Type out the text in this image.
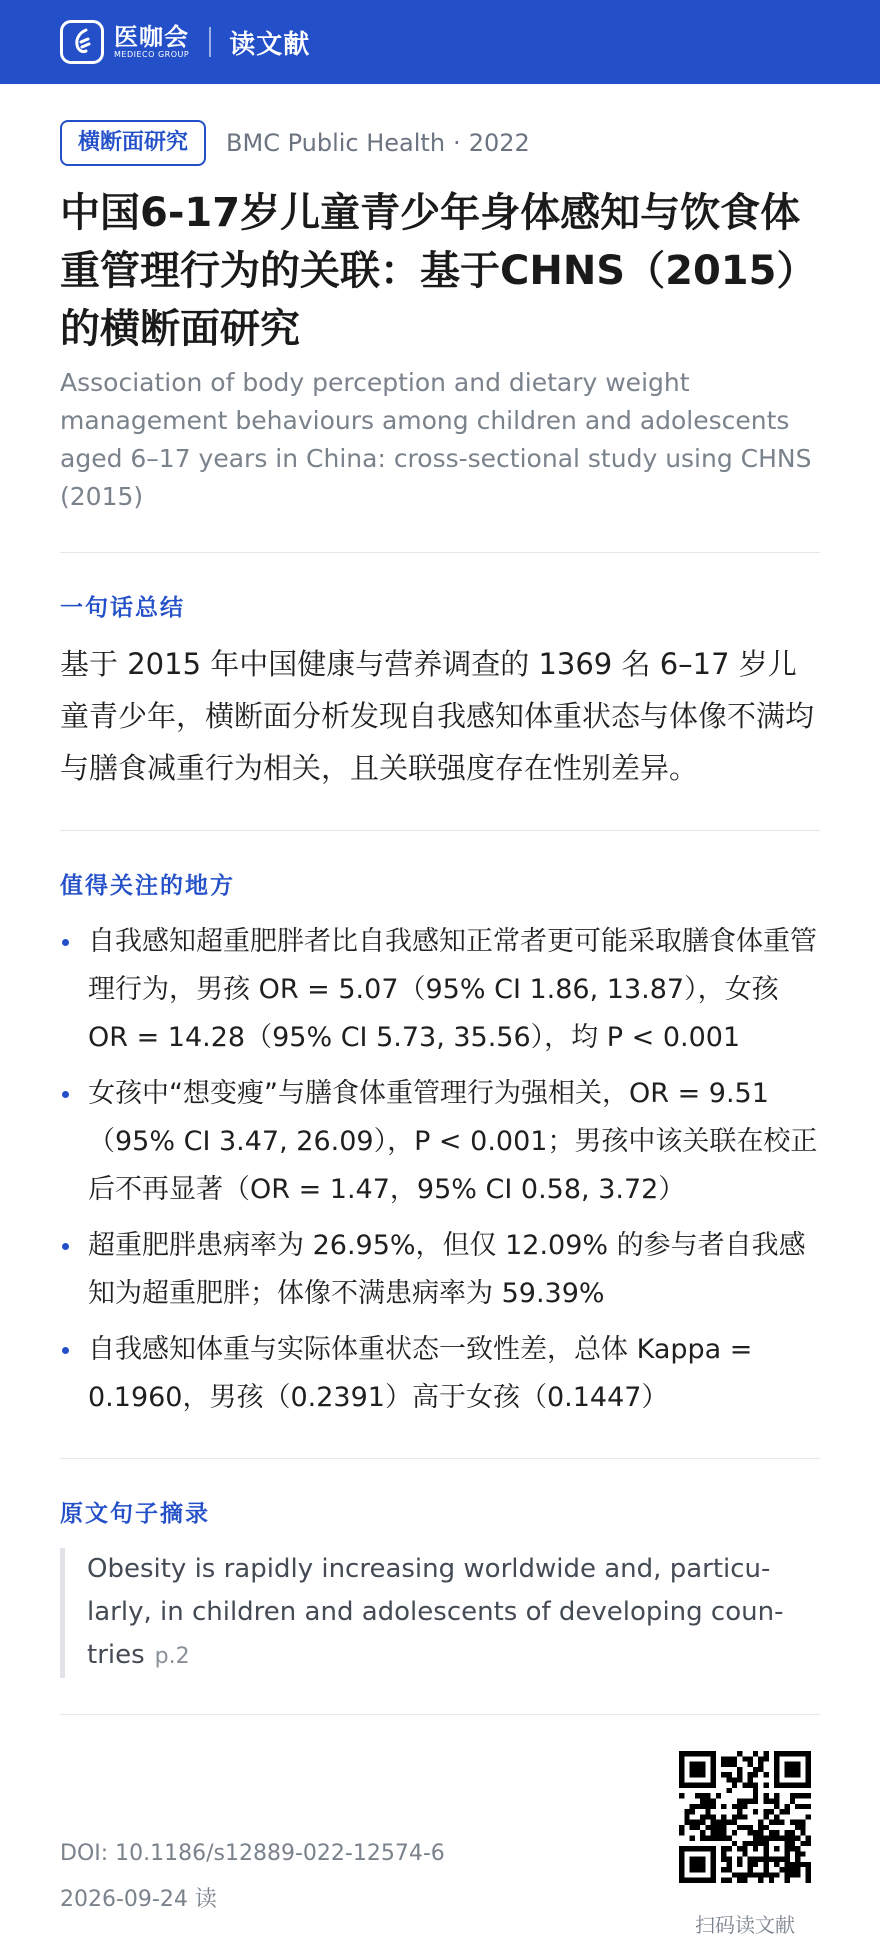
医咖会
MEDIECO GROUP 读文献
横断面研究	BMC Public Health · 2022
中国6-17岁儿童青少年身体感知与饮食体重管理行为的关联：基于CHNS（2015）的横断面研究
Association of body perception and dietary weight management behaviours among children and adolescents aged 6–17 years in China: cross-sectional study using CHNS (2015)
一句话总结
基于 2015 年中国健康与营养调查的 1369 名 6–17 岁儿童青少年，横断面分析发现自我感知体重状态与体像不满均与膳食减重行为相关，且关联强度存在性别差异。
值得关注的地方
自我感知超重肥胖者比自我感知正常者更可能采取膳食体重管理行为，男孩 OR = 5.07（95% CI 1.86, 13.87），女孩 OR = 14.28（95% CI 5.73, 35.56），均 P < 0.001
女孩中“想变瘦”与膳食体重管理行为强相关，OR = 9.51（95% CI 3.47, 26.09），P < 0.001；男孩中该关联在校正后不再显著（OR = 1.47，95% CI 0.58, 3.72）
超重肥胖患病率为 26.95%，但仅 12.09% 的参与者自我感知为超重肥胖；体像不满患病率为 59.39%
自我感知体重与实际体重状态一致性差，总体 Kappa = 0.1960，男孩（0.2391）高于女孩（0.1447）
原文句子摘录
Obesity is rapidly increasing worldwide and, particu-larly, in children and adolescents of developing coun-tries p.2
DOI: 10.1186/s12889-022-12574-6
2026-09-24 读
扫码读文献
